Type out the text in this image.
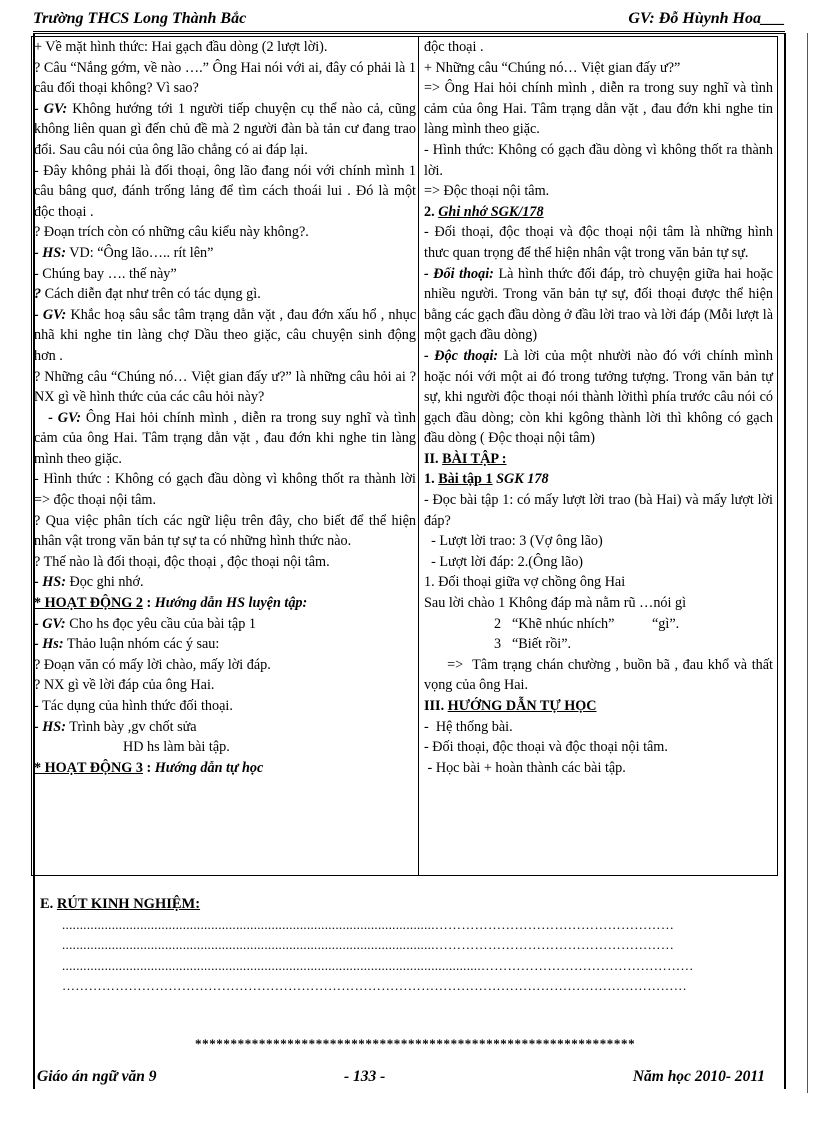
Trường THCS Long Thành Bắc	GV: Đỗ Hùynh Hoa___

+ Về mặt hình thức: Hai gạch đầu dòng (2 lượt lời).

? Câu “Nắng gớm, về nào ….” Ông Hai nói với ai, đây có phải là 1 câu đối thoại không? Vì sao?

- GV: Không hướng tới 1 người tiếp chuyện cụ thể nào cả, cũng không liên quan gì đến chủ đề mà 2 người đàn bà tản cư đang trao đổi. Sau câu nói của ông lão chẳng có ai đáp lại.

- Đây không phải là đối thoại, ông lão đang nói với chính mình 1 câu bâng quơ, đánh trống lảng để tìm cách thoái lui . Đó là một độc thoại .

? Đoạn trích còn có những câu kiểu này không?.

- HS: VD: “Ông lão….. rít lên”

- Chúng bay …. thế này”

? Cách diễn đạt như trên có tác dụng gì.

- GV: Khắc hoạ sâu sắc tâm trạng dằn vặt , đau đớn xấu hổ , nhục nhã khi nghe tin làng chợ Dầu theo giặc, câu chuyện sinh động hơn .

? Những câu “Chúng nó… Việt gian đấy ư?” là những câu hỏi ai ? NX gì về hình thức của các câu hỏi này?

- GV: Ông Hai hỏi chính mình , diễn ra trong suy nghĩ và tình cảm của ông Hai. Tâm trạng dằn vặt , đau đớn khi nghe tin làng mình theo giặc.

- Hình thức : Không có gạch đầu dòng vì không thốt ra thành lời => độc thoại nội tâm.

? Qua việc phân tích các ngữ liệu trên đây, cho biết để thể hiện nhân vật trong văn bản tự sự ta có những hình thức nào.

? Thế nào là đối thoại, độc thoại , độc thoại nội tâm.

- HS: Đọc ghi nhớ.

* HOẠT ĐỘNG 2 : Hướng dẫn HS luyện tập:

- GV: Cho hs đọc yêu cầu của bài tập 1

- Hs: Thảo luận nhóm các ý sau:

? Đoạn văn có mấy lời chào, mấy lời đáp.

? NX gì về lời đáp của ông Hai.

- Tác dụng của hình thức đối thoại.

- HS: Trình bày ,gv chốt sửa

HD hs làm bài tập.

* HOẠT ĐỘNG 3 : Hướng dẫn tự học

độc thoại .

+ Những câu “Chúng nó… Việt gian đấy ư?”

=> Ông Hai hỏi chính mình , diễn ra trong suy nghĩ và tình cảm của ông Hai. Tâm trạng dằn vặt , đau đớn khi nghe tin làng mình theo giặc.

- Hình thức: Không có gạch đầu dòng vì không thốt ra thành lời.

=> Độc thoại nội tâm.

2. Ghi nhớ SGK/178

- Đối thoại, độc thoại và độc thoại nội tâm là những hình thưc quan trọng để thể hiện nhân vật trong văn bản tự sự.

- Đối thoại: Là hình thức đối đáp, trò chuyện giữa hai hoặc nhiều người. Trong văn bản tự sự, đối thoại được thể hiện bằng các gạch đầu dòng ở đầu lời trao và lời đáp (Mỗi lượt là một gạch đầu dòng)

- Độc thoại: Là lời của một nhười nào đó với chính mình hoặc nói với một ai đó trong tưởng tượng. Trong văn bản tự sự, khi người độc thoại nói thành lờithì phía trước câu nói có gạch đầu dòng; còn khi kgông thành lời thì không có gạch đầu dòng ( Độc thoại nội tâm)

II. BÀI TẬP :

1. Bài tập 1 SGK 178

- Đọc bài tập 1: có mấy lượt lời trao (bà Hai) và mấy lượt lời đáp?

- Lượt lời trao: 3 (Vợ ông lão)

- Lượt lời đáp: 2.(Ông lão)

1. Đối thoại giữa vợ chồng ông Hai

Sau lời chào 1 Không đáp mà nằm rũ …nói gì

2 “Khẽ nhúc nhích”	“gì”.

3 “Biết rồi”.

=>  Tâm trạng chán chường , buồn bã , đau khổ và thất vọng của ông Hai.

III. HƯỚNG DẪN TỰ HỌC

-  Hệ thống bài.

- Đối thoại, độc thoại và độc thoại nội tâm.

- Học bài + hoàn thành các bài tập.

E. RÚT KINH NGHIỆM:
.........................................................................................................………………………………………………
.........................................................................................................………………………………………………
......................................................................................................................…………………………………………
……………………………………………………………………………………………………………………………
**************************************************************
Giáo án ngữ văn 9	- 133 -	Năm học 2010- 2011
